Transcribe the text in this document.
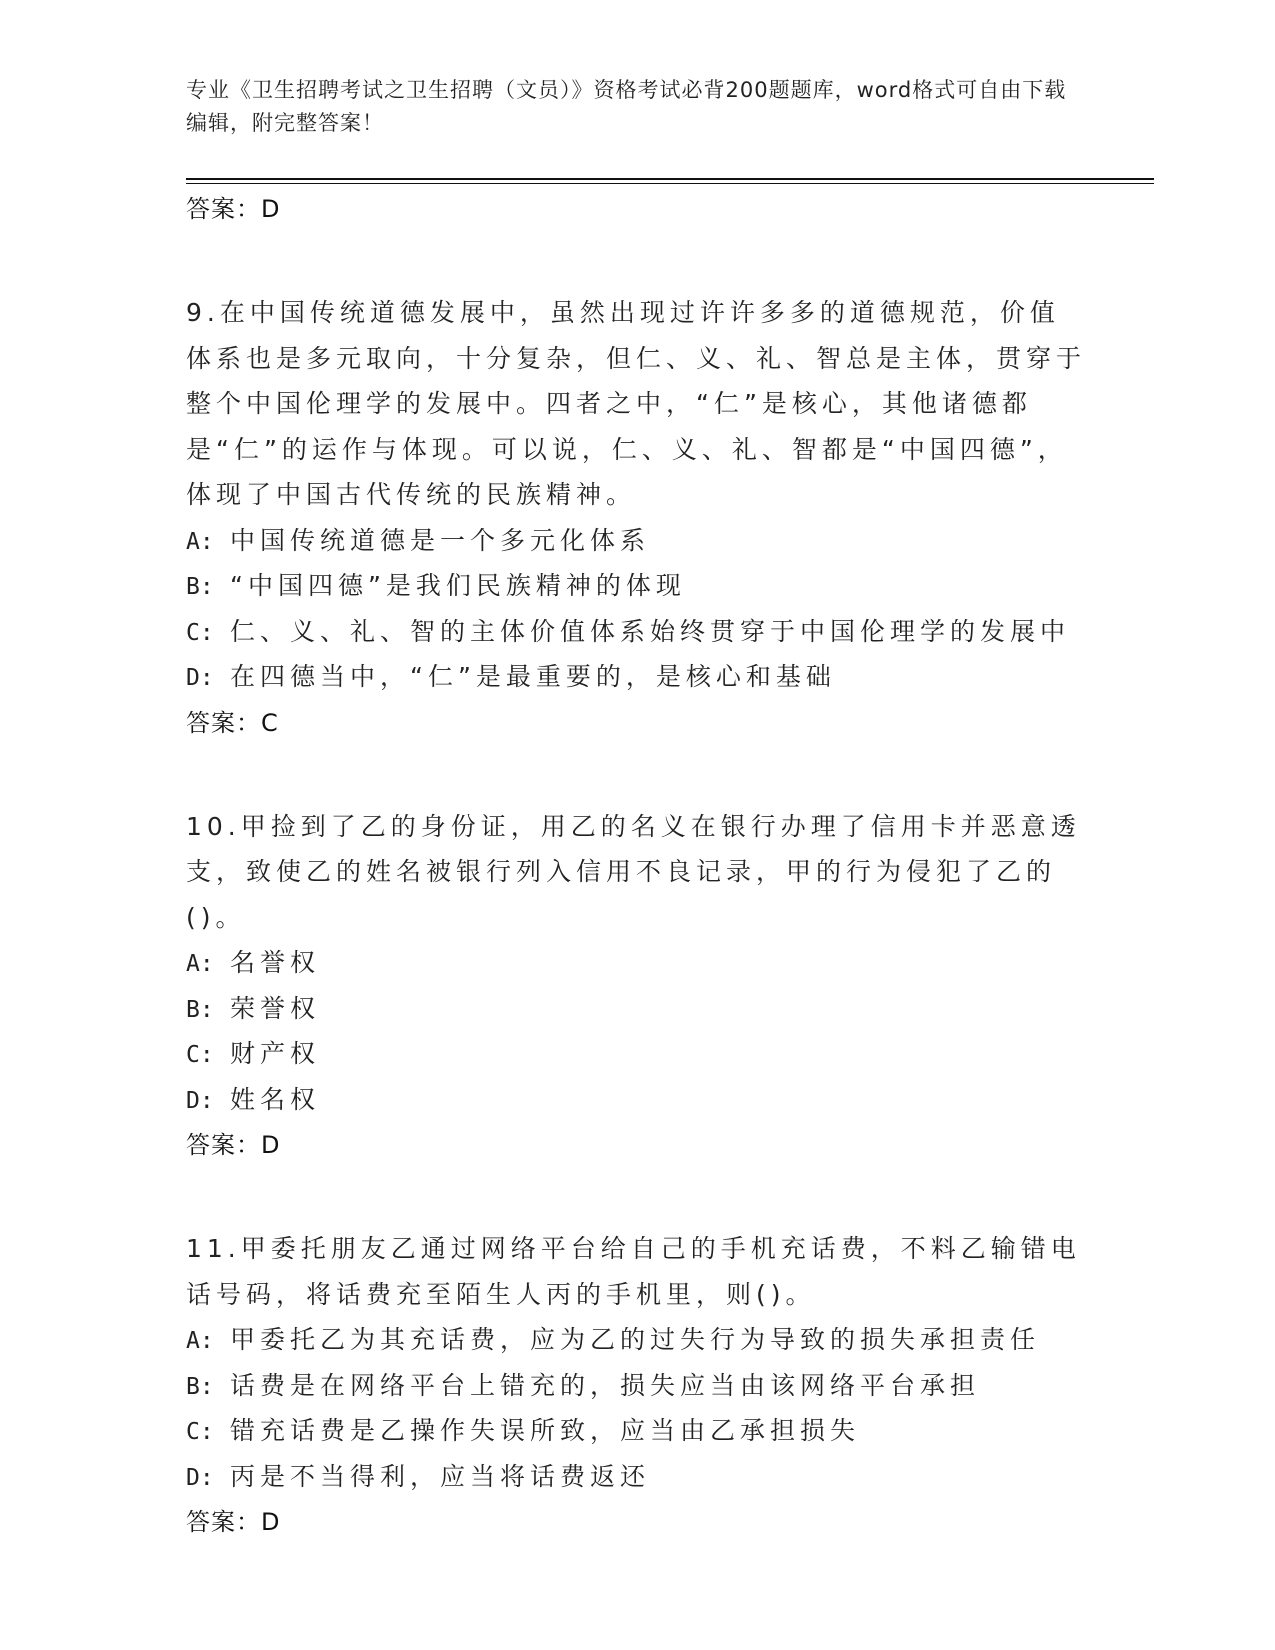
专业《卫生招聘考试之卫生招聘（文员）》资格考试必背200题题库，word格式可自由下载编辑，附完整答案！

答案：D

9.在中国传统道德发展中，虽然出现过许许多多的道德规范，价值体系也是多元取向，十分复杂，但仁、义、礼、智总是主体，贯穿于整个中国伦理学的发展中。四者之中，“仁”是核心，其他诸德都是“仁”的运作与体现。可以说，仁、义、礼、智都是“中国四德”，体现了中国古代传统的民族精神。

A: 中国传统道德是一个多元化体系

B: “中国四德”是我们民族精神的体现

C: 仁、义、礼、智的主体价值体系始终贯穿于中国伦理学的发展中

D: 在四德当中，“仁”是最重要的，是核心和基础

答案：C

10.甲捡到了乙的身份证，用乙的名义在银行办理了信用卡并恶意透支，致使乙的姓名被银行列入信用不良记录，甲的行为侵犯了乙的()。

A: 名誉权

B: 荣誉权

C: 财产权

D: 姓名权

答案：D

11.甲委托朋友乙通过网络平台给自己的手机充话费，不料乙输错电话号码，将话费充至陌生人丙的手机里，则()。

A: 甲委托乙为其充话费，应为乙的过失行为导致的损失承担责任

B: 话费是在网络平台上错充的，损失应当由该网络平台承担

C: 错充话费是乙操作失误所致，应当由乙承担损失

D: 丙是不当得利，应当将话费返还

答案：D
